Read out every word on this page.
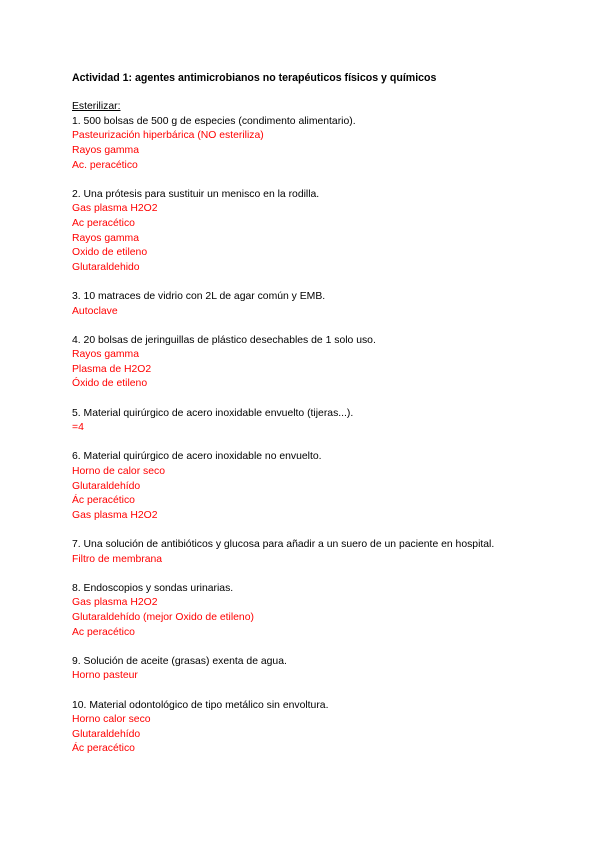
Actividad 1: agentes antimicrobianos no terapéuticos físicos y químicos
Esterilizar:
1. 500 bolsas de 500 g de especies (condimento alimentario).
Pasteurización hiperbárica (NO esteriliza)
Rayos gamma
Ac. peracético
2. Una prótesis para sustituir un menisco en la rodilla.
Gas plasma H2O2
Ac peracético
Rayos gamma
Oxido de etileno
Glutaraldehido
3. 10 matraces de vidrio con 2L de agar común y EMB.
Autoclave
4. 20 bolsas de jeringuillas de plástico desechables de 1 solo uso.
Rayos gamma
Plasma de H2O2
Óxido de etileno
5. Material quirúrgico de acero inoxidable envuelto (tijeras...).
=4
6. Material quirúrgico de acero inoxidable no envuelto.
Horno de calor seco
Glutaraldehído
Ác peracético
Gas plasma H2O2
7. Una solución de antibióticos y glucosa para añadir a un suero de un paciente en hospital.
Filtro de membrana
8. Endoscopios y sondas urinarias.
Gas plasma H2O2
Glutaraldehído (mejor Oxido de etileno)
Ac peracético
9. Solución de aceite (grasas) exenta de agua.
Horno pasteur
10. Material odontológico de tipo metálico sin envoltura.
Horno calor seco
Glutaraldehído
Ác peracético
